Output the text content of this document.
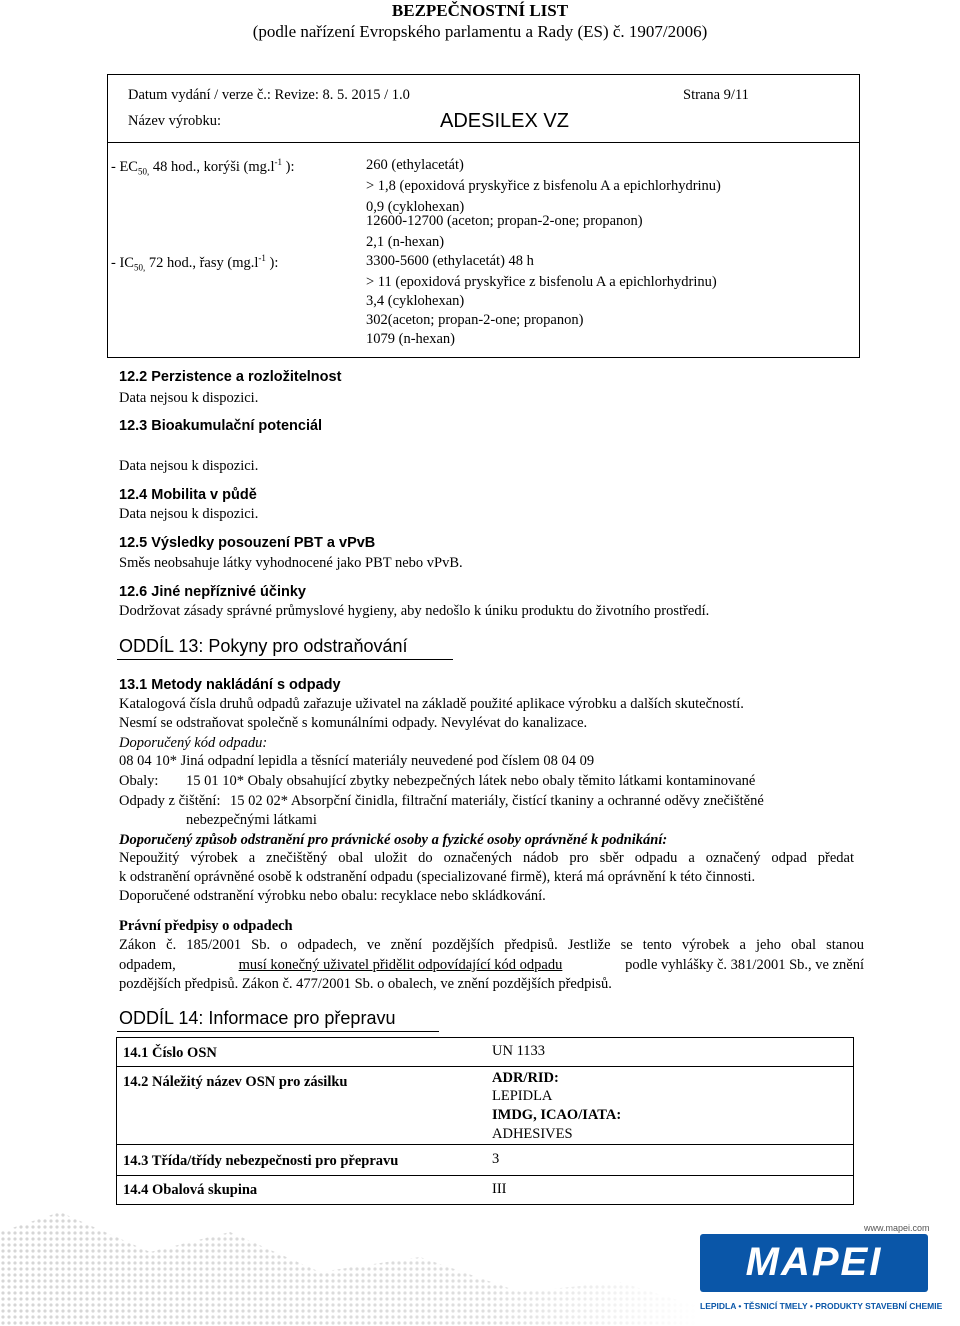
BEZPEČNOSTNÍ LIST
(podle nařízení Evropského parlamentu a Rady (ES) č. 1907/2006)
Datum vydání / verze č.: Revize: 8. 5. 2015 / 1.0	Strana 9/11
Název výrobku:	ADESILEX VZ
- $EC_{50,}$ 48 hod., korýši ($mg.l^{-1}$ ):	260 (ethylacetát)
> 1,8 (epoxidová pryskyřice z bisfenolu A a epichlorhydrinu)
0,9 (cyklohexan)
12600-12700 (aceton; propan-2-one; propanon)
2,1 (n-hexan)
- $IC_{50,}$ 72 hod., řasy ($mg.l^{-1}$ ):	3300-5600 (ethylacetát) 48 h
> 11 (epoxidová pryskyřice z bisfenolu A a epichlorhydrinu)
3,4 (cyklohexan)
302(aceton; propan-2-one; propanon)
1079 (n-hexan)
12.2 Perzistence a rozložitelnost
Data nejsou k dispozici.
12.3 Bioakumulační potenciál
Data nejsou k dispozici.
12.4 Mobilita v půdě
Data nejsou k dispozici.
12.5 Výsledky posouzení PBT a vPvB
Směs neobsahuje látky vyhodnocené jako PBT nebo vPvB.
12.6 Jiné nepříznivé účinky
Dodržovat zásady správné průmyslové hygieny, aby nedošlo k úniku produktu do životního prostředí.
ODDÍL 13: Pokyny pro odstraňování
13.1 Metody nakládání s odpady
Katalogová čísla druhů odpadů zařazuje uživatel na základě použité aplikace výrobku a dalších skutečností.
Nesmí se odstraňovat společně s komunálními odpady. Nevylévat do kanalizace.
Doporučený kód odpadu:
08 04 10* Jiná odpadní lepidla a těsnící materiály neuvedené pod číslem 08 04 09
Obaly: 15 01 10* Obaly obsahující zbytky nebezpečných látek nebo obaly těmito látkami kontaminované
Odpady z čištění: 15 02 02* Absorpční činidla, filtrační materiály, čistící tkaniny a ochranné oděvy znečištěné
nebezpečnými látkami
Doporučený způsob odstranění pro právnické osoby a fyzické osoby oprávněné k podnikání:
Nepoužitý výrobek a znečištěný obal uložit do označených nádob pro sběr odpadu a označený odpad předat
k odstranění oprávněné osobě k odstranění odpadu (specializované firmě), která má oprávnění k této činnosti.
Doporučené odstranění výrobku nebo obalu: recyklace nebo skládkování.
Právní předpisy o odpadech
Zákon č. 185/2001 Sb. o odpadech, ve znění pozdějších předpisů. Jestliže se tento výrobek a jeho obal stanou
odpadem,	musí konečný uživatel přidělit odpovídající kód odpadu	podle vyhlášky č. 381/2001 Sb., ve znění
pozdějších předpisů. Zákon č. 477/2001 Sb. o obalech, ve znění pozdějších předpisů.
ODDÍL 14: Informace pro přepravu
14.1 Číslo OSN	UN 1133
14.2 Náležitý název OSN pro zásilku	ADR/RID:
LEPIDLA
IMDG, ICAO/IATA:
ADHESIVES
14.3 Třída/třídy nebezpečnosti pro přepravu	3
14.4 Obalová skupina	III
www.mapei.com
MAPEI
LEPIDLA • TĚSNICÍ TMELY • PRODUKTY STAVEBNÍ CHEMIE
